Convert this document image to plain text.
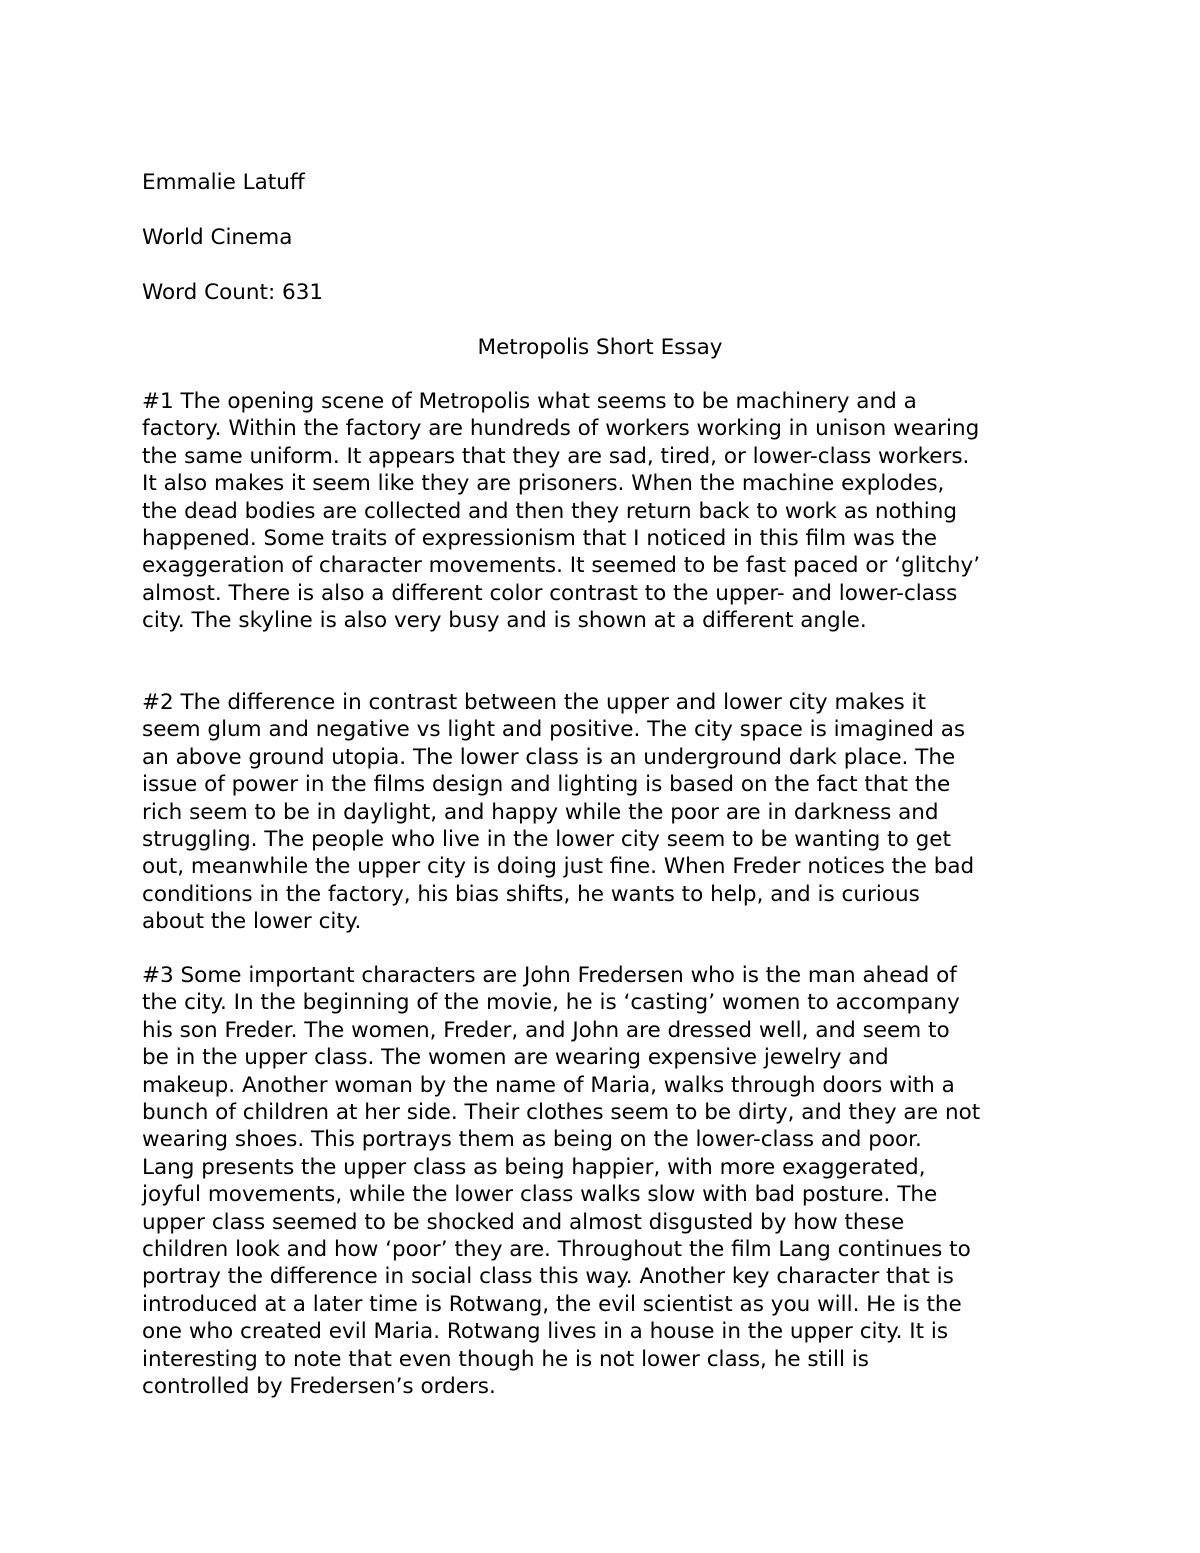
Emmalie Latuff

World Cinema

Word Count: 631

Metropolis Short Essay

#1 The opening scene of Metropolis what seems to be machinery and a
factory. Within the factory are hundreds of workers working in unison wearing
the same uniform. It appears that they are sad, tired, or lower-class workers.
It also makes it seem like they are prisoners. When the machine explodes,
the dead bodies are collected and then they return back to work as nothing
happened. Some traits of expressionism that I noticed in this film was the
exaggeration of character movements. It seemed to be fast paced or ‘glitchy’
almost. There is also a different color contrast to the upper- and lower-class
city. The skyline is also very busy and is shown at a different angle.
#2 The difference in contrast between the upper and lower city makes it
seem glum and negative vs light and positive. The city space is imagined as
an above ground utopia. The lower class is an underground dark place. The
issue of power in the films design and lighting is based on the fact that the
rich seem to be in daylight, and happy while the poor are in darkness and
struggling. The people who live in the lower city seem to be wanting to get
out, meanwhile the upper city is doing just fine. When Freder notices the bad
conditions in the factory, his bias shifts, he wants to help, and is curious
about the lower city.
#3 Some important characters are John Fredersen who is the man ahead of
the city. In the beginning of the movie, he is ‘casting’ women to accompany
his son Freder. The women, Freder, and John are dressed well, and seem to
be in the upper class. The women are wearing expensive jewelry and
makeup. Another woman by the name of Maria, walks through doors with a
bunch of children at her side. Their clothes seem to be dirty, and they are not
wearing shoes. This portrays them as being on the lower-class and poor.
Lang presents the upper class as being happier, with more exaggerated,
joyful movements, while the lower class walks slow with bad posture. The
upper class seemed to be shocked and almost disgusted by how these
children look and how ‘poor’ they are. Throughout the film Lang continues to
portray the difference in social class this way. Another key character that is
introduced at a later time is Rotwang, the evil scientist as you will. He is the
one who created evil Maria. Rotwang lives in a house in the upper city. It is
interesting to note that even though he is not lower class, he still is
controlled by Fredersen’s orders.
